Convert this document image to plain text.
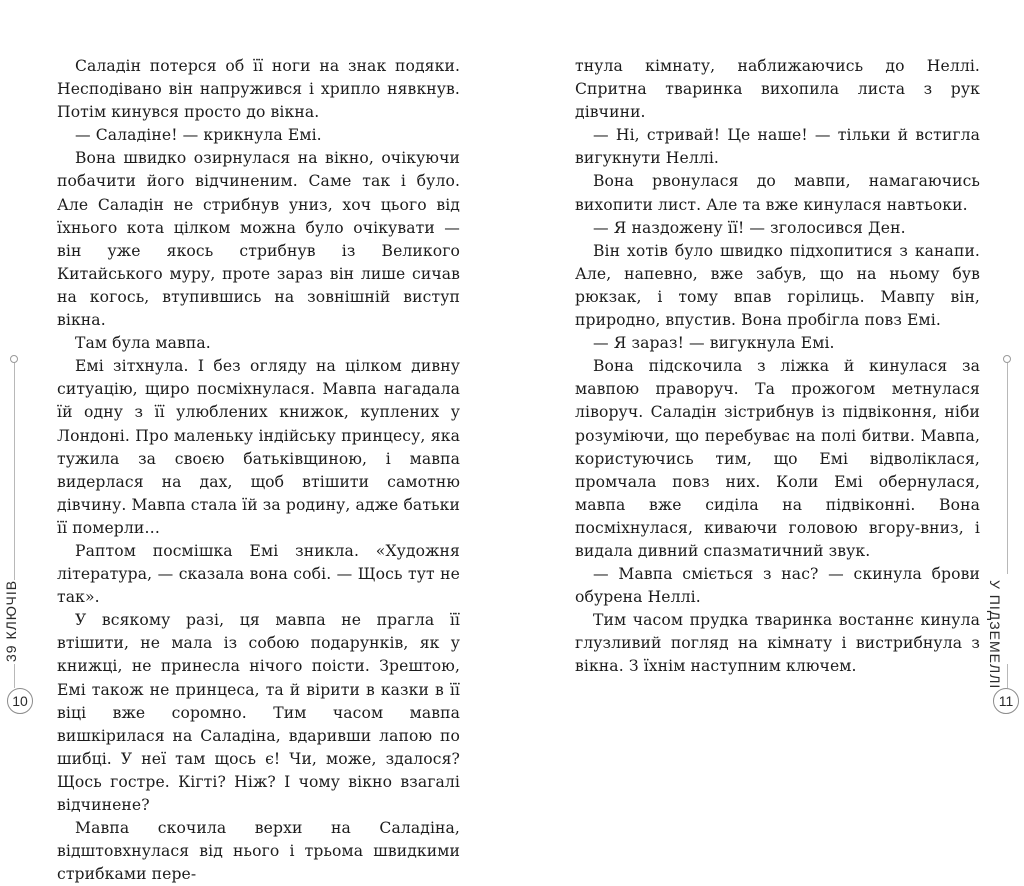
39 КЛЮЧІВ
10

Саладін потерся об її ноги на знак подяки. Несподівано він напружився і хрипло нявкнув. Потім кинувся просто до вікна.

— Саладіне! — крикнула Емі.

Вона швидко озирнулася на вікно, очікуючи побачити його відчиненим. Саме так і було. Але Саладін не стрибнув униз, хоч цього від їхнього кота цілком можна було очікувати — він уже якось стрибнув із Великого Китайського муру, проте зараз він лише сичав на когось, втупившись на зовнішній виступ вікна.

Там була мавпа.

Емі зітхнула. І без огляду на цілком дивну ситуацію, щиро посміхнулася. Мавпа нагадала їй одну з її улюблених книжок, куплених у Лондоні. Про маленьку індійську принцесу, яка тужила за своєю батьківщиною, і мавпа видерлася на дах, щоб втішити самотню дівчину. Мавпа стала їй за родину, адже батьки її померли…

Раптом посмішка Емі зникла. «Художня література, — сказала вона собі. — Щось тут не так».

У всякому разі, ця мавпа не прагла її втішити, не мала із собою подарунків, як у книжці, не принесла нічого поісти. Зрештою, Емі також не принцеса, та й вірити в казки в її віці вже соромно. Тим часом мавпа вишкірилася на Саладіна, вдаривши лапою по шибці. У неї там щось є! Чи, може, здалося? Щось гостре. Кігті? Ніж? І чому вікно взагалі відчинене?

Мавпа скочила верхи на Саладіна, відштовхнулася від нього і трьома швидкими стрибками пере-

тнула кімнату, наближаючись до Неллі. Спритна тваринка вихопила листа з рук дівчини.

— Ні, стривай! Це наше! — тільки й встигла вигукнути Неллі.

Вона рвонулася до мавпи, намагаючись вихопити лист. Але та вже кинулася навтьоки.

— Я наздожену її! — зголосився Ден.

Він хотів було швидко підхопитися з канапи. Але, напевно, вже забув, що на ньому був рюкзак, і тому впав горілиць. Мавпу він, природно, впустив. Вона пробігла повз Емі.

— Я зараз! — вигукнула Емі.

Вона підскочила з ліжка й кинулася за мавпою праворуч. Та прожогом метнулася ліворуч. Саладін зістрибнув із підвіконня, ніби розуміючи, що перебуває на полі битви. Мавпа, користуючись тим, що Емі відволіклася, промчала повз них. Коли Емі обернулася, мавпа вже сиділа на підвіконні. Вона посміхнулася, киваючи головою вгору-вниз, і видала дивний спазматичний звук.

— Мавпа сміється з нас? — скинула брови обурена Неллі.

Тим часом прудка тваринка востаннє кинула глузливий погляд на кімнату і вистрибнула з вікна. З їхнім наступним ключем.	У ПІДЗЕМЕЛЛІ
11
